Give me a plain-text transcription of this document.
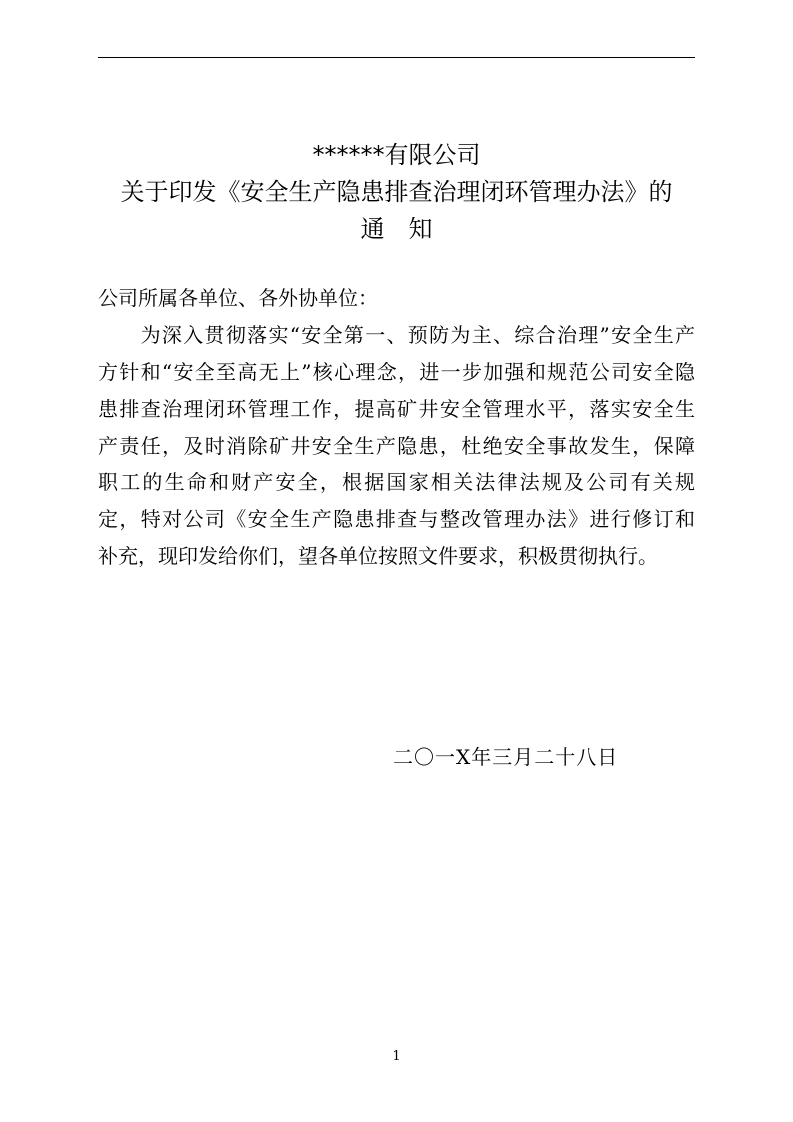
******有限公司
关于印发《安全生产隐患排查治理闭环管理办法》的
通　知
公司所属各单位、各外协单位：
　　为深入贯彻落实“安全第一、预防为主、综合治理”安全生产
方针和“安全至高无上”核心理念，进一步加强和规范公司安全隐
患排查治理闭环管理工作，提高矿井安全管理水平，落实安全生
产责任，及时消除矿井安全生产隐患，杜绝安全事故发生，保障
职工的生命和财产安全，根据国家相关法律法规及公司有关规
定，特对公司《安全生产隐患排查与整改管理办法》进行修订和
补充，现印发给你们，望各单位按照文件要求，积极贯彻执行。
二〇一X年三月二十八日
1
